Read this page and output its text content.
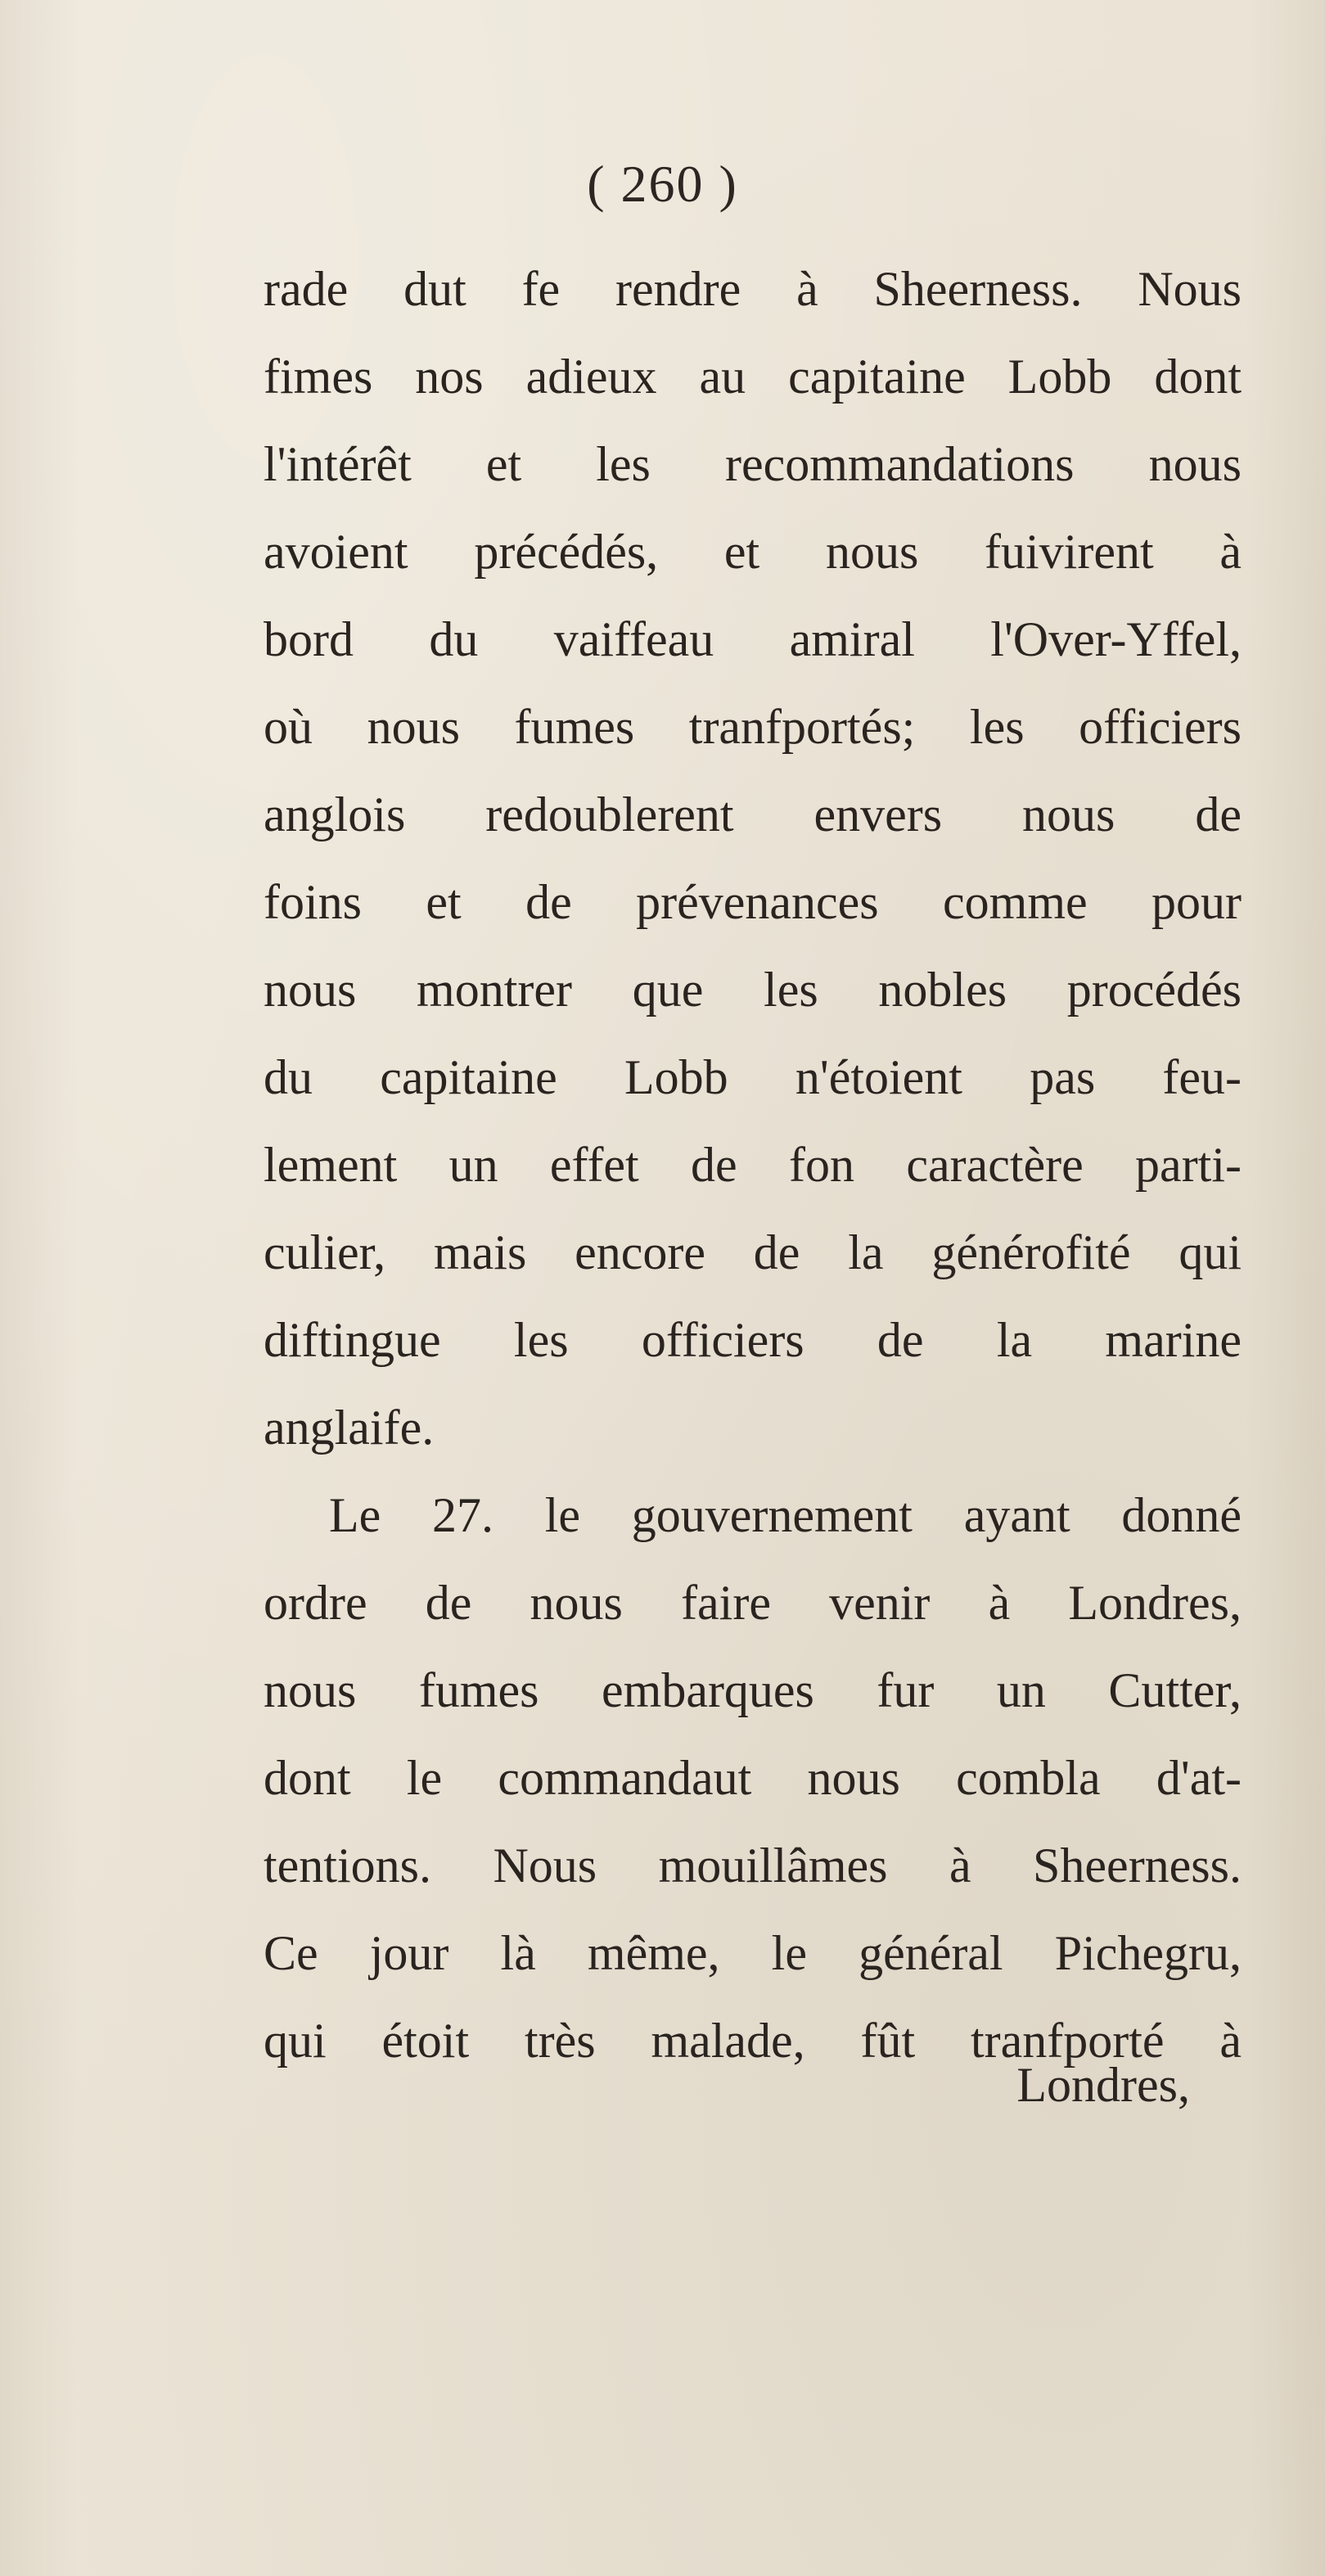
( 260 )
rade dut fe rendre à Sheerness. Nous
fimes nos adieux au capitaine Lobb dont
l'intérêt et les recommandations nous
avoient précédés, et nous fuivirent à
bord du vaiffeau amiral l'Over-Yffel,
où nous fumes tranfportés; les officiers
anglois redoublerent envers nous de
foins et de prévenances comme pour
nous montrer que les nobles procédés
du capitaine Lobb n'étoient pas feu-
lement un effet de fon caractère parti-
culier, mais encore de la générofité qui
diftingue les officiers de la marine
anglaife.
Le 27. le gouvernement ayant donné
ordre de nous faire venir à Londres,
nous fumes embarques fur un Cutter,
dont le commandaut nous combla d'at-
tentions. Nous mouillâmes à Sheerness.
Ce jour là même, le général Pichegru,
qui étoit très malade, fût tranfporté à
Londres,
